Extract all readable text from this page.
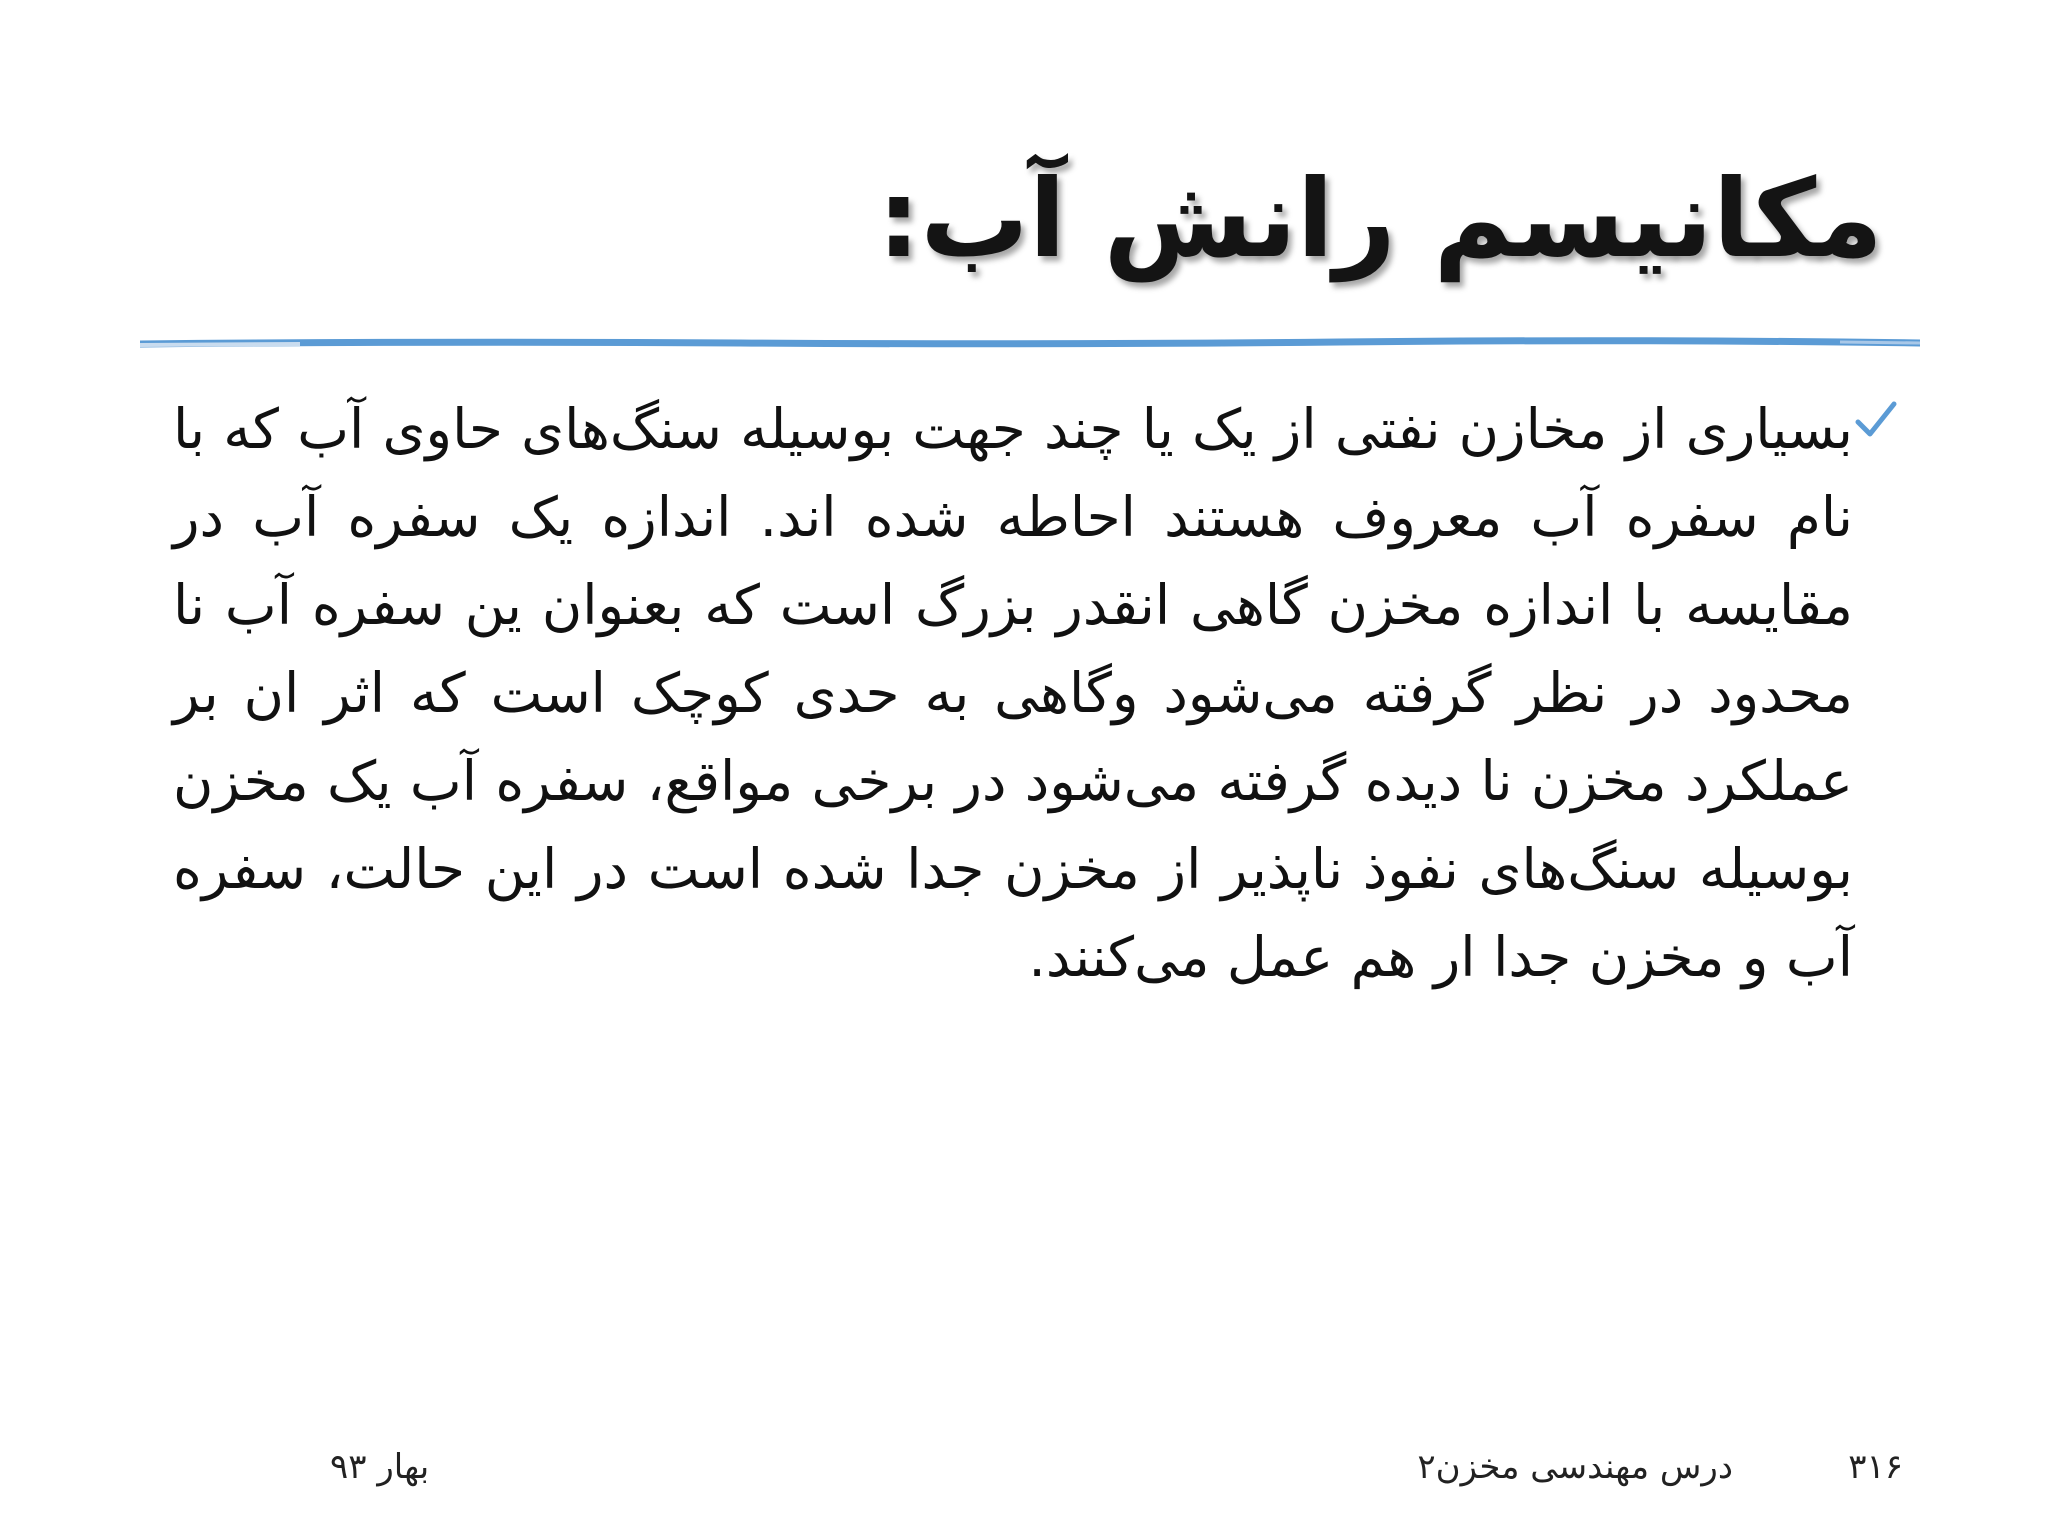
مکانیسم رانش آب:
بسیاری از مخازن نفتی از یک یا چند جهت بوسیله سنگ‌های حاوی آب که با نام سفره آب معروف هستند احاطه شده اند. اندازه یک سفره آب در مقایسه با اندازه مخزن گاهی انقدر بزرگ است که بعنوان ین سفره آب نا محدود در نظر گرفته می‌شود وگاهی به حدی کوچک است که اثر ان بر عملکرد مخزن نا دیده گرفته می‌شود در برخی مواقع، سفره آب یک مخزن بوسیله سنگ‌های نفوذ ناپذیر از مخزن جدا شده است در این حالت، سفره آب و مخزن جدا ار هم عمل می‌کنند.
۳۱۶
درس مهندسی مخزن۲
بهار ۹۳
